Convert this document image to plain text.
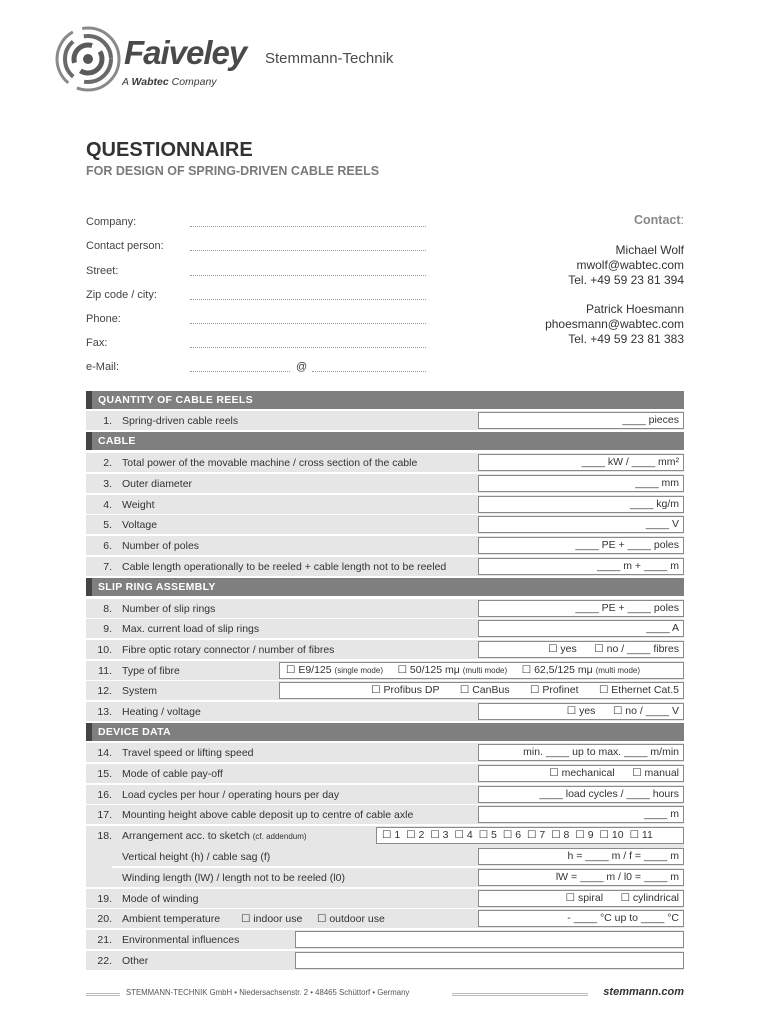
Faiveley Stemmann-Technik
A Wabtec Company
QUESTIONNAIRE
FOR DESIGN OF SPRING-DRIVEN CABLE REELS
Company:
Contact person:
Street:
Zip code / city:
Phone:
Fax:
e-Mail:	@
Contact:
Michael Wolf
mwolf@wabtec.com
Tel. +49 59 23 81 394
Patrick Hoesmann
phoesmann@wabtec.com
Tel. +49 59 23 81 383
QUANTITY OF CABLE REELS
1. Spring-driven cable reels	____ pieces
CABLE
2. Total power of the movable machine / cross section of the cable	____ kW / ____ mm²
3. Outer diameter	____ mm
4. Weight	____ kg/m
5. Voltage	____ V
6. Number of poles	____ PE + ____ poles
7. Cable length operationally to be reeled + cable length not to be reeled	____ m + ____ m
SLIP RING ASSEMBLY
8. Number of slip rings	____ PE + ____ poles
9. Max. current load of slip rings	____ A
10. Fibre optic rotary connector / number of fibres	☐ yes ☐ no / ____ fibres
11. Type of fibre	☐ E9/125 (single mode) ☐ 50/125 mμ (multi mode) ☐ 62,5/125 mμ (multi mode)
12. System	☐ Profibus DP ☐ CanBus ☐ Profinet ☐ Ethernet Cat.5
13. Heating / voltage	☐ yes ☐ no / ____ V
DEVICE DATA
14. Travel speed or lifting speed	min. ____ up to max. ____ m/min
15. Mode of cable pay-off	☐ mechanical ☐ manual
16. Load cycles per hour / operating hours per day	____ load cycles / ____ hours
17. Mounting height above cable deposit up to centre of cable axle	____ m
18. Arrangement acc. to sketch (cf. addendum)	☐ 1 ☐ 2 ☐ 3 ☐ 4 ☐ 5 ☐ 6 ☐ 7 ☐ 8 ☐ 9 ☐ 10 ☐ 11
Vertical height (h) / cable sag (f)	h = ____ m / f = ____ m
Winding length (lW) / length not to be reeled (l0)	lW = ____ m / l0 = ____ m
19. Mode of winding	☐ spiral ☐ cylindrical
20. Ambient temperature ☐ indoor use ☐ outdoor use	- ____ °C up to ____ °C
21. Environmental influences
22. Other
STEMMANN-TECHNIK GmbH • Niedersachsenstr. 2 • 48465 Schüttorf • Germany	stemmann.com
